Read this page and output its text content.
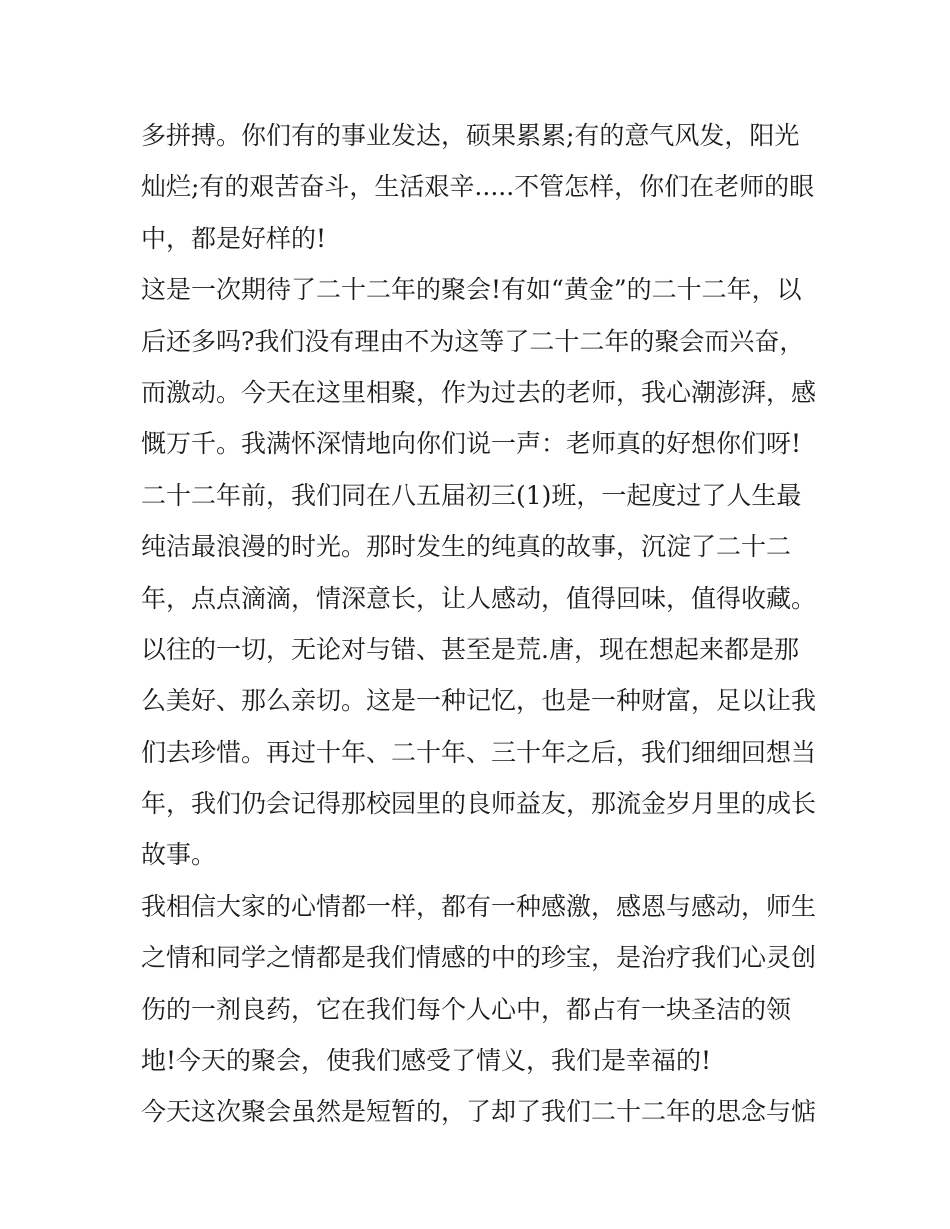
多拼搏。你们有的事业发达，硕果累累;有的意气风发，阳光
灿烂;有的艰苦奋斗，生活艰辛.....不管怎样，你们在老师的眼
中，都是好样的!
这是一次期待了二十二年的聚会!有如“黄金”的二十二年，以
后还多吗?我们没有理由不为这等了二十二年的聚会而兴奋，
而激动。今天在这里相聚，作为过去的老师，我心潮澎湃，感
慨万千。我满怀深情地向你们说一声：老师真的好想你们呀!
二十二年前，我们同在八五届初三(1)班，一起度过了人生最
纯洁最浪漫的时光。那时发生的纯真的故事，沉淀了二十二
年，点点滴滴，情深意长，让人感动，值得回味，值得收藏。
以往的一切，无论对与错、甚至是荒.唐，现在想起来都是那
么美好、那么亲切。这是一种记忆，也是一种财富，足以让我
们去珍惜。再过十年、二十年、三十年之后，我们细细回想当
年，我们仍会记得那校园里的良师益友，那流金岁月里的成长
故事。
我相信大家的心情都一样，都有一种感激，感恩与感动，师生
之情和同学之情都是我们情感的中的珍宝，是治疗我们心灵创
伤的一剂良药，它在我们每个人心中，都占有一块圣洁的领
地!今天的聚会，使我们感受了情义，我们是幸福的!
今天这次聚会虽然是短暂的，了却了我们二十二年的思念与惦
